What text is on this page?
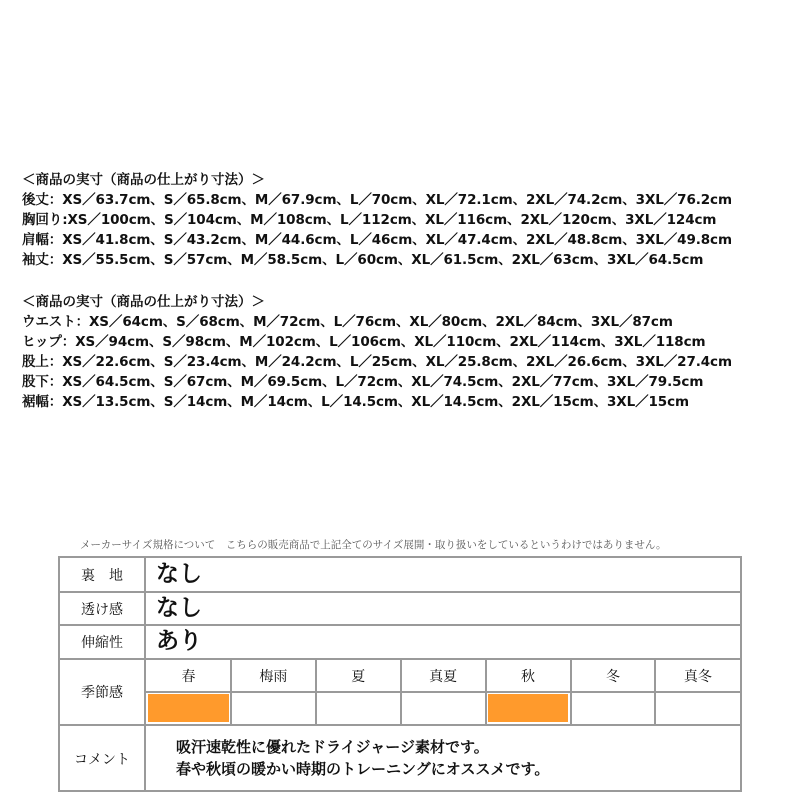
＜商品の実寸（商品の仕上がり寸法）＞
後丈：XS／63.7cm、S／65.8cm、M／67.9cm、L／70cm、XL／72.1cm、2XL／74.2cm、3XL／76.2cm
胸回り:XS／100cm、S／104cm、M／108cm、L／112cm、XL／116cm、2XL／120cm、3XL／124cm
肩幅：XS／41.8cm、S／43.2cm、M／44.6cm、L／46cm、XL／47.4cm、2XL／48.8cm、3XL／49.8cm
袖丈：XS／55.5cm、S／57cm、M／58.5cm、L／60cm、XL／61.5cm、2XL／63cm、3XL／64.5cm
＜商品の実寸（商品の仕上がり寸法）＞
ウエスト：XS／64cm、S／68cm、M／72cm、L／76cm、XL／80cm、2XL／84cm、3XL／87cm
ヒップ：XS／94cm、S／98cm、M／102cm、L／106cm、XL／110cm、2XL／114cm、3XL／118cm
股上：XS／22.6cm、S／23.4cm、M／24.2cm、L／25cm、XL／25.8cm、2XL／26.6cm、3XL／27.4cm
股下：XS／64.5cm、S／67cm、M／69.5cm、L／72cm、XL／74.5cm、2XL／77cm、3XL／79.5cm
裾幅：XS／13.5cm、S／14cm、M／14cm、L／14.5cm、XL／14.5cm、2XL／15cm、3XL／15cm
メーカーサイズ規格について　こちらの販売商品で上記全てのサイズ展開・取り扱いをしているというわけではありません。
裏　地	なし
透け感	なし
伸縮性	あり
季節感
春	梅雨	夏	真夏	秋	冬	真冬
コメント
吸汗速乾性に優れたドライジャージ素材です。
春や秋頃の暖かい時期のトレーニングにオススメです。
